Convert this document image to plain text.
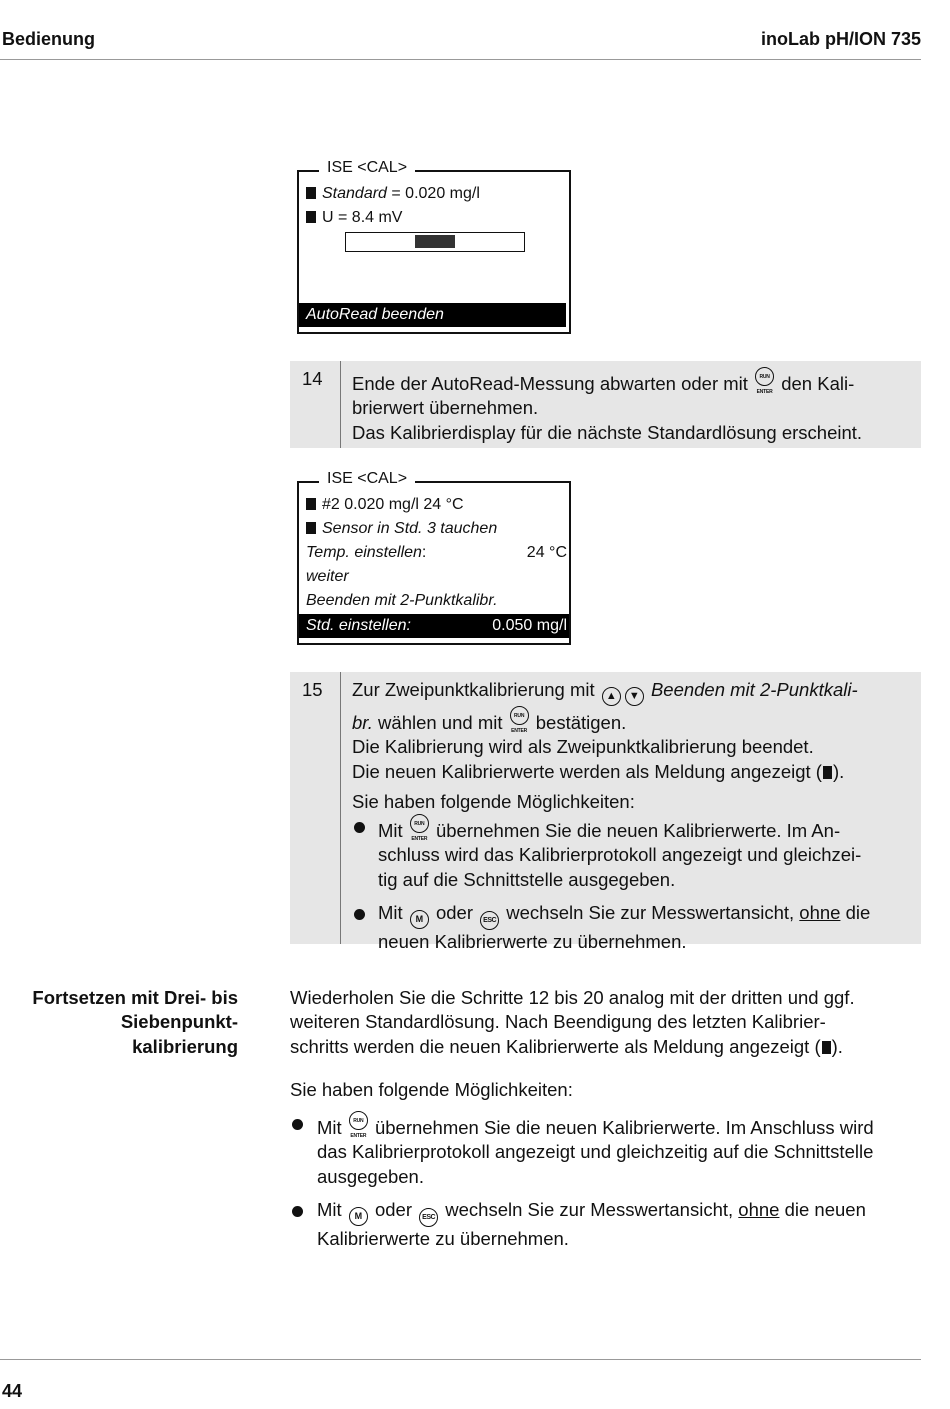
Bedienung	inoLab pH/ION 735
ISE <CAL>
Standard = 0.020 mg/l
U = 8.4 mV
AutoRead beenden
14 Ende der AutoRead-Messung abwarten oder mit	RUN

ENTER den Kali-
brierwert übernehmen.
Das Kalibrierdisplay für die nächste Standardlösung erscheint.
ISE <CAL>
#2 0.020 mg/l 24 °C
Sensor in Std. 3 tauchen
Temp. einstellen:	24 °C
weiter
Beenden mit 2-Punktkalibr.
Std. einstellen:	0.050 mg/l
15 Zur Zweipunktkalibrierung mit ▲ ▼ Beenden mit 2-Punktkali-
br. wählen und mit	RUN

ENTER bestätigen.
Die Kalibrierung wird als Zweipunktkalibrierung beendet.
Die neuen Kalibrierwerte werden als Meldung angezeigt ( ).
Sie haben folgende Möglichkeiten:
Mit	RUN

ENTER übernehmen Sie die neuen Kalibrierwerte. Im An-
schluss wird das Kalibrierprotokoll angezeigt und gleichzei-
tig auf die Schnittstelle ausgegeben.
Mit M oder ESC wechseln Sie zur Messwertansicht, ohne die
neuen Kalibrierwerte zu übernehmen.
Fortsetzen mit Drei- bis
Siebenpunkt-
kalibrierung
Wiederholen Sie die Schritte 12 bis 20 analog mit der dritten und ggf.
weiteren Standardlösung. Nach Beendigung des letzten Kalibrier-
schritts werden die neuen Kalibrierwerte als Meldung angezeigt ( ).
Sie haben folgende Möglichkeiten:
Mit	RUN

ENTER übernehmen Sie die neuen Kalibrierwerte. Im Anschluss wird
das Kalibrierprotokoll angezeigt und gleichzeitig auf die Schnittstelle
ausgegeben.
Mit M oder ESC wechseln Sie zur Messwertansicht, ohne die neuen
Kalibrierwerte zu übernehmen.
44
